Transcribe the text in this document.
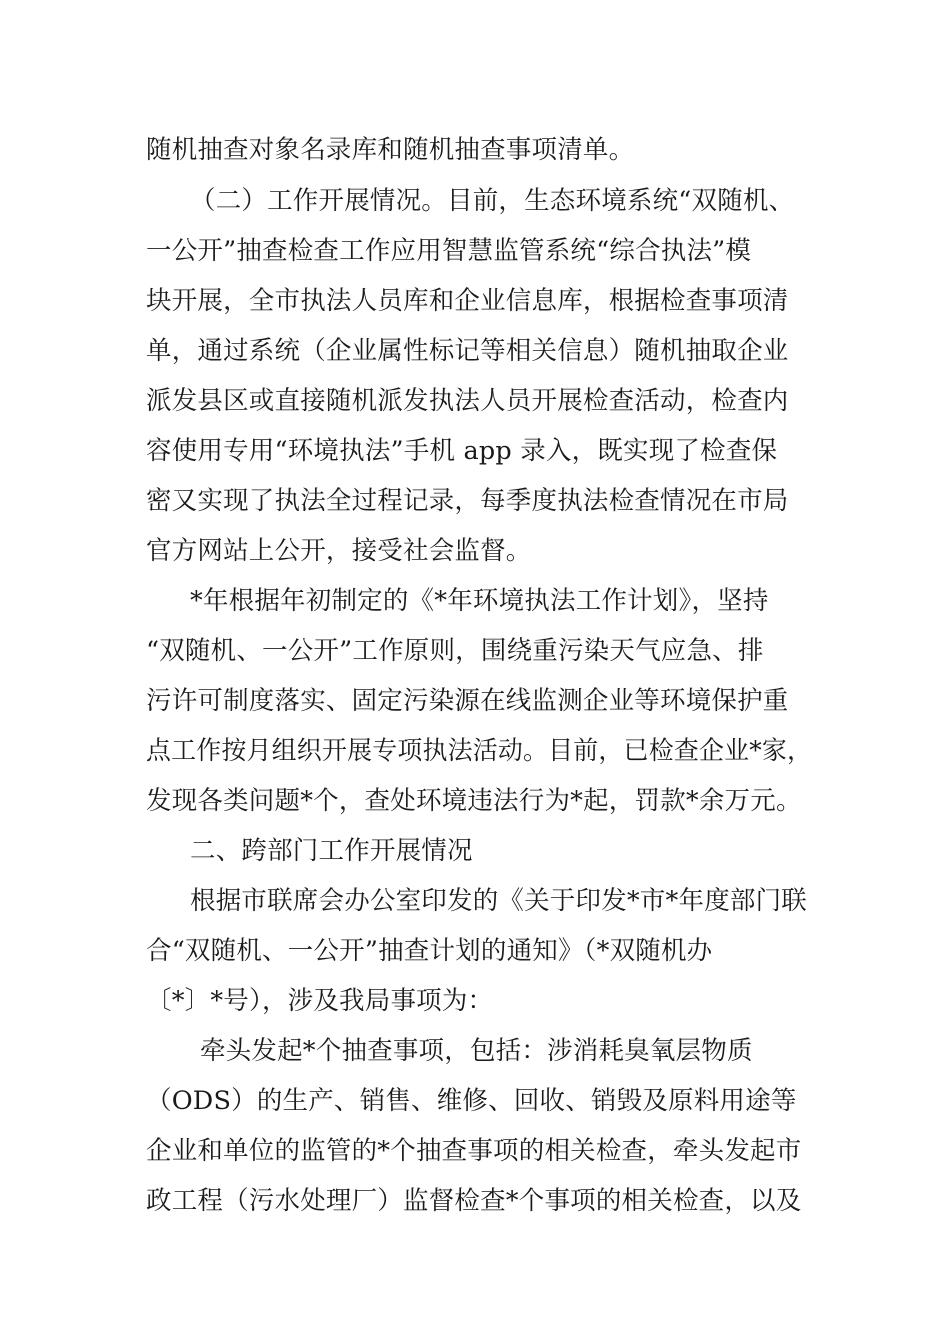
随机抽查对象名录库和随机抽查事项清单。
（二）工作开展情况。目前，生态环境系统“双随机、
一公开”抽查检查工作应用智慧监管系统“综合执法”模
块开展，全市执法人员库和企业信息库，根据检查事项清
单，通过系统（企业属性标记等相关信息）随机抽取企业
派发县区或直接随机派发执法人员开展检查活动，检查内
容使用专用“环境执法”手机 app 录入，既实现了检查保
密又实现了执法全过程记录，每季度执法检查情况在市局
官方网站上公开，接受社会监督。
*年根据年初制定的《*年环境执法工作计划》，坚持
“双随机、一公开”工作原则，围绕重污染天气应急、排
污许可制度落实、固定污染源在线监测企业等环境保护重
点工作按月组织开展专项执法活动。目前，已检查企业*家，
发现各类问题*个，查处环境违法行为*起，罚款*余万元。
二、跨部门工作开展情况
根据市联席会办公室印发的《关于印发*市*年度部门联
合“双随机、一公开”抽查计划的通知》（*双随机办
〔*〕*号），涉及我局事项为：
牵头发起*个抽查事项，包括：涉消耗臭氧层物质
（ODS）的生产、销售、维修、回收、销毁及原料用途等
企业和单位的监管的*个抽查事项的相关检查，牵头发起市
政工程（污水处理厂）监督检查*个事项的相关检查，以及
